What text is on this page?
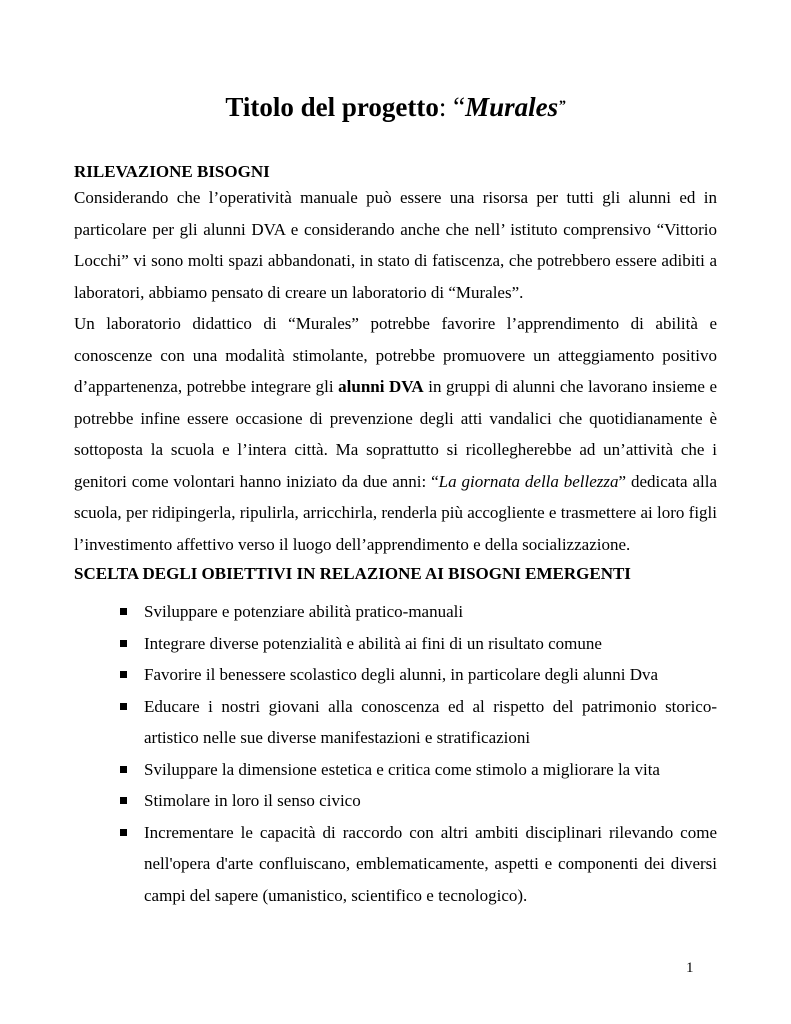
Titolo del progetto: “Murales”
RILEVAZIONE BISOGNI

Considerando che l’operatività manuale può essere una risorsa per tutti gli alunni ed in particolare per gli alunni DVA e considerando anche che nell’ istituto comprensivo “Vittorio Locchi” vi sono molti spazi abbandonati, in stato di fatiscenza, che potrebbero essere adibiti a laboratori, abbiamo pensato di creare un laboratorio di “Murales”.

Un laboratorio didattico di “Murales” potrebbe favorire l’apprendimento di abilità e conoscenze con una modalità stimolante, potrebbe promuovere un atteggiamento positivo d’appartenenza, potrebbe integrare gli alunni DVA in gruppi di alunni che lavorano insieme e potrebbe infine essere occasione di prevenzione degli atti vandalici che quotidianamente è sottoposta la scuola e l’intera città. Ma soprattutto si ricollegherebbe ad un’attività che i genitori come volontari hanno iniziato da due anni: “La giornata della bellezza” dedicata alla scuola, per ridipingerla, ripulirla, arricchirla, renderla più accogliente e trasmettere ai loro figli l’investimento affettivo verso il luogo dell’apprendimento e della socializzazione.

SCELTA DEGLI OBIETTIVI IN RELAZIONE AI BISOGNI EMERGENTI
Sviluppare e potenziare abilità pratico-manuali
Integrare diverse potenzialità e abilità ai fini di un risultato comune
Favorire il benessere scolastico degli alunni, in particolare degli alunni Dva
Educare i nostri giovani alla conoscenza ed al rispetto del patrimonio storico-artistico nelle sue diverse manifestazioni e stratificazioni
Sviluppare la dimensione estetica e critica come stimolo a migliorare la vita
Stimolare in loro il senso civico
Incrementare le capacità di raccordo con altri ambiti disciplinari rilevando come nell'opera d'arte confluiscano, emblematicamente, aspetti e componenti dei diversi campi del sapere (umanistico, scientifico e tecnologico).
1
